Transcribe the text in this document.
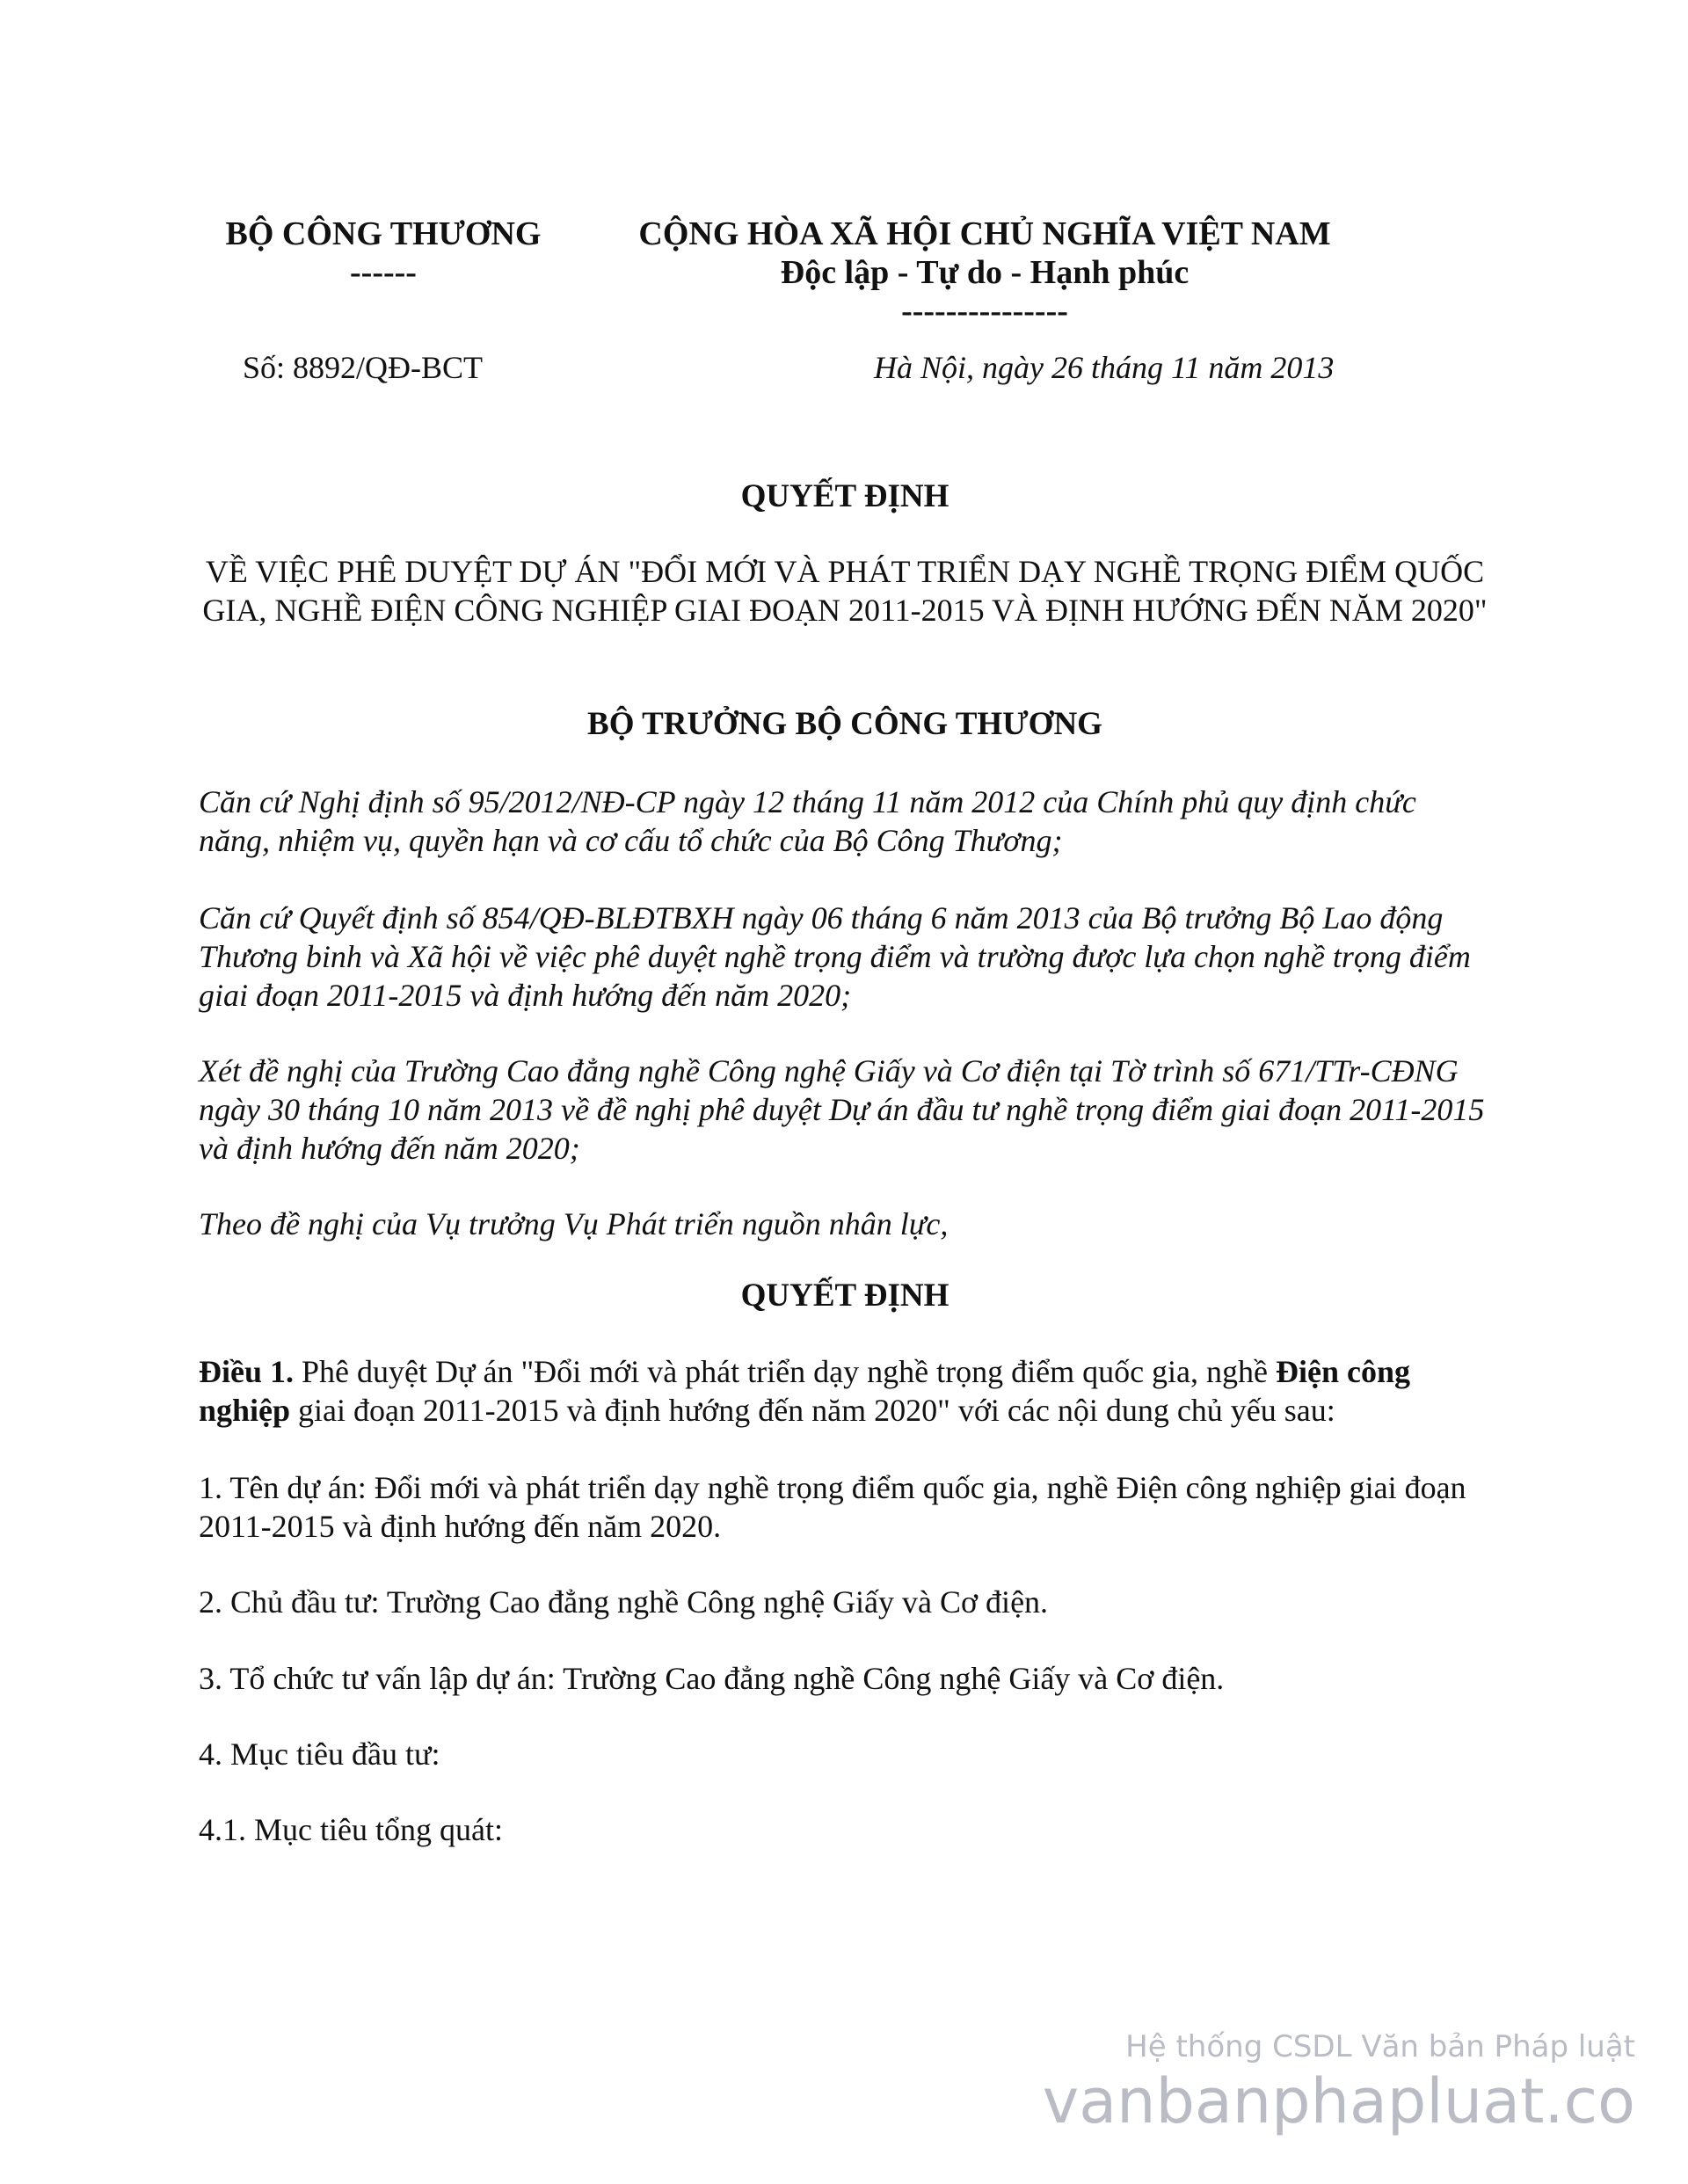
BỘ CÔNG THƯƠNG
------
CỘNG HÒA XÃ HỘI CHỦ NGHĨA VIỆT NAM
Độc lập - Tự do - Hạnh phúc
---------------
Số: 8892/QĐ-BCT	Hà Nội, ngày 26 tháng 11 năm 2013
QUYẾT ĐỊNH
VỀ VIỆC PHÊ DUYỆT DỰ ÁN "ĐỔI MỚI VÀ PHÁT TRIỂN DẠY NGHỀ TRỌNG ĐIỂM QUỐC GIA, NGHỀ ĐIỆN CÔNG NGHIỆP GIAI ĐOẠN 2011-2015 VÀ ĐỊNH HƯỚNG ĐẾN NĂM 2020"
BỘ TRƯỞNG BỘ CÔNG THƯƠNG
Căn cứ Nghị định số 95/2012/NĐ-CP ngày 12 tháng 11 năm 2012 của Chính phủ quy định chức năng, nhiệm vụ, quyền hạn và cơ cấu tổ chức của Bộ Công Thương;
Căn cứ Quyết định số 854/QĐ-BLĐTBXH ngày 06 tháng 6 năm 2013 của Bộ trưởng Bộ Lao động Thương binh và Xã hội về việc phê duyệt nghề trọng điểm và trường được lựa chọn nghề trọng điểm giai đoạn 2011-2015 và định hướng đến năm 2020;
Xét đề nghị của Trường Cao đẳng nghề Công nghệ Giấy và Cơ điện tại Tờ trình số 671/TTr-CĐNG ngày 30 tháng 10 năm 2013 về đề nghị phê duyệt Dự án đầu tư nghề trọng điểm giai đoạn 2011-2015 và định hướng đến năm 2020;
Theo đề nghị của Vụ trưởng Vụ Phát triển nguồn nhân lực,
QUYẾT ĐỊNH
Điều 1. Phê duyệt Dự án "Đổi mới và phát triển dạy nghề trọng điểm quốc gia, nghề Điện công nghiệp giai đoạn 2011-2015 và định hướng đến năm 2020" với các nội dung chủ yếu sau:
1. Tên dự án: Đổi mới và phát triển dạy nghề trọng điểm quốc gia, nghề Điện công nghiệp giai đoạn 2011-2015 và định hướng đến năm 2020.
2. Chủ đầu tư: Trường Cao đẳng nghề Công nghệ Giấy và Cơ điện.
3. Tổ chức tư vấn lập dự án: Trường Cao đẳng nghề Công nghệ Giấy và Cơ điện.
4. Mục tiêu đầu tư:
4.1. Mục tiêu tổng quát:
Hệ thống CSDL Văn bản Pháp luật
vanbanphapluat.co
